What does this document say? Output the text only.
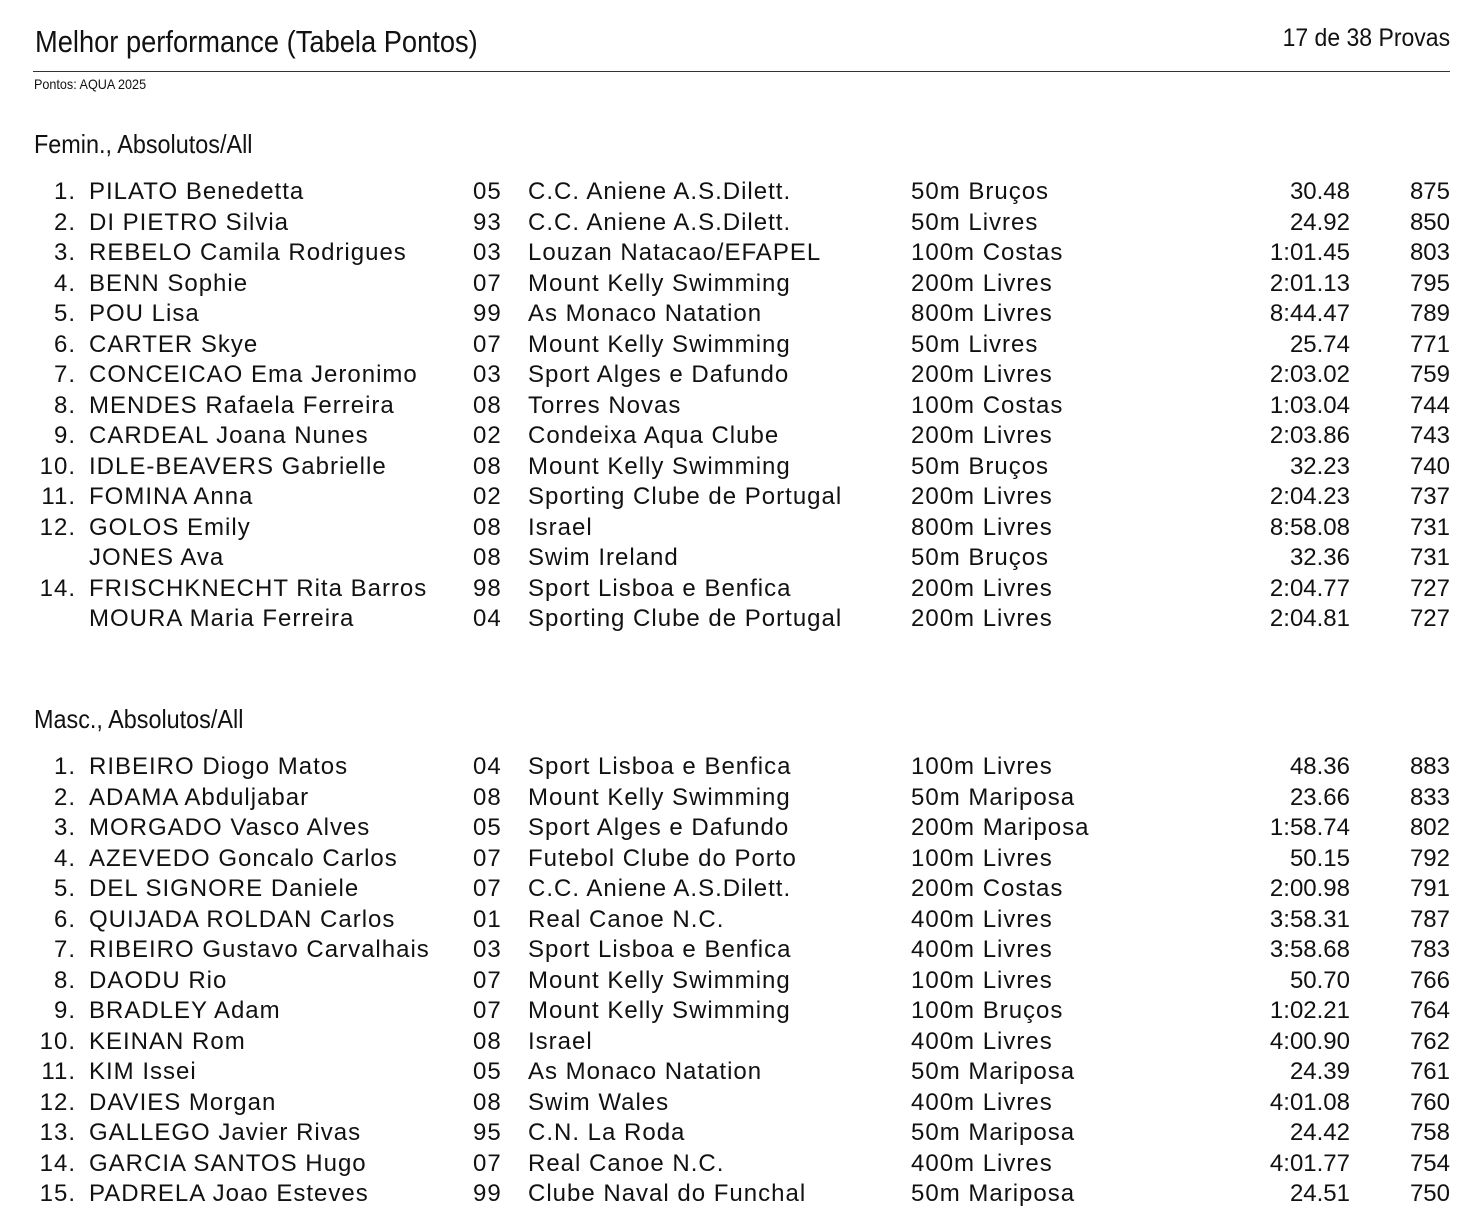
Melhor performance (Tabela Pontos)	17 de 38 Provas
Pontos: AQUA 2025
Femin., Absolutos/All
1. PILATO Benedetta	05 C.C. Aniene A.S.Dilett.	50m Bruços	30.48 875
2. DI PIETRO Silvia	93 C.C. Aniene A.S.Dilett.	50m Livres	24.92 850
3. REBELO Camila Rodrigues	03 Louzan Natacao/EFAPEL	100m Costas	1:01.45 803
4. BENN Sophie	07 Mount Kelly Swimming	200m Livres	2:01.13 795
5. POU Lisa	99 As Monaco Natation	800m Livres	8:44.47 789
6. CARTER Skye	07 Mount Kelly Swimming	50m Livres	25.74 771
7. CONCEICAO Ema Jeronimo 03 Sport Alges e Dafundo	200m Livres	2:03.02 759
8. MENDES Rafaela Ferreira	08 Torres Novas	100m Costas	1:03.04 744
9. CARDEAL Joana Nunes	02 Condeixa Aqua Clube	200m Livres	2:03.86 743
10. IDLE-BEAVERS Gabrielle	08 Mount Kelly Swimming	50m Bruços	32.23 740
11. FOMINA Anna	02 Sporting Clube de Portugal	200m Livres	2:04.23 737
12. GOLOS Emily	08 Israel	800m Livres	8:58.08 731
JONES Ava	08 Swim Ireland	50m Bruços	32.36 731
14. FRISCHKNECHT Rita Barros 98 Sport Lisboa e Benfica	200m Livres	2:04.77 727
MOURA Maria Ferreira	04 Sporting Clube de Portugal	200m Livres	2:04.81 727
Masc., Absolutos/All
1. RIBEIRO Diogo Matos	04 Sport Lisboa e Benfica	100m Livres	48.36 883
2. ADAMA Abduljabar	08 Mount Kelly Swimming	50m Mariposa	23.66 833
3. MORGADO Vasco Alves	05 Sport Alges e Dafundo	200m Mariposa	1:58.74 802
4. AZEVEDO Goncalo Carlos	07 Futebol Clube do Porto	100m Livres	50.15 792
5. DEL SIGNORE Daniele	07 C.C. Aniene A.S.Dilett.	200m Costas	2:00.98 791
6. QUIJADA ROLDAN Carlos	01 Real Canoe N.C.	400m Livres	3:58.31 787
7. RIBEIRO Gustavo Carvalhais 03 Sport Lisboa e Benfica	400m Livres	3:58.68 783
8. DAODU Rio	07 Mount Kelly Swimming	100m Livres	50.70 766
9. BRADLEY Adam	07 Mount Kelly Swimming	100m Bruços	1:02.21 764
10. KEINAN Rom	08 Israel	400m Livres	4:00.90 762
11. KIM Issei	05 As Monaco Natation	50m Mariposa	24.39 761
12. DAVIES Morgan	08 Swim Wales	400m Livres	4:01.08 760
13. GALLEGO Javier Rivas	95 C.N. La Roda	50m Mariposa	24.42 758
14. GARCIA SANTOS Hugo	07 Real Canoe N.C.	400m Livres	4:01.77 754
15. PADRELA Joao Esteves	99 Clube Naval do Funchal	50m Mariposa	24.51 750
